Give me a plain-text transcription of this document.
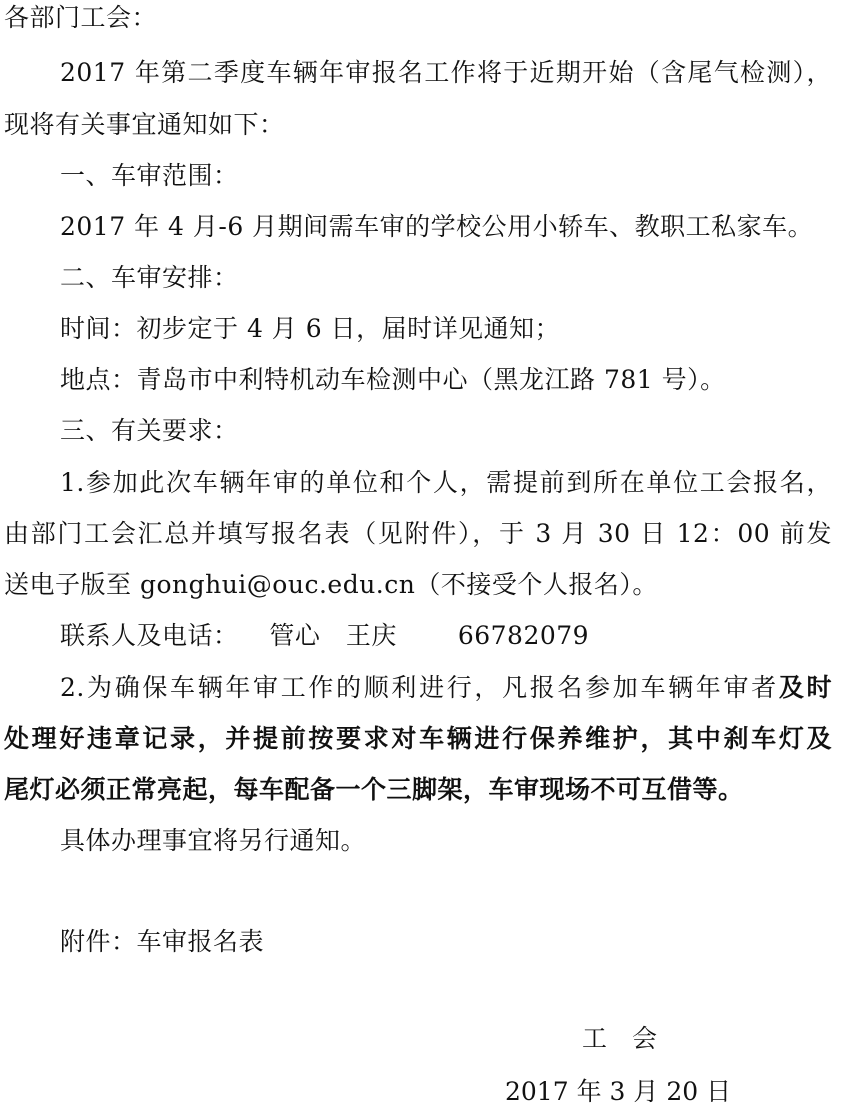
各部门工会：
2017 年第二季度车辆年审报名工作将于近期开始（含尾气检测），
现将有关事宜通知如下：
一、车审范围：
2017 年 4 月-6 月期间需车审的学校公用小轿车、教职工私家车。
二、车审安排：
时间：初步定于 4 月 6 日，届时详见通知；
地点：青岛市中利特机动车检测中心（黑龙江路 781 号）。
三、有关要求：
1.参加此次车辆年审的单位和个人，需提前到所在单位工会报名，
由部门工会汇总并填写报名表（见附件），于 3 月 30 日 12：00 前发
送电子版至 gonghui@ouc.edu.cn（不接受个人报名）。
联系人及电话： 管心　王庆 66782079
2.为确保车辆年审工作的顺利进行，凡报名参加车辆年审者及时
处理好违章记录，并提前按要求对车辆进行保养维护，其中刹车灯及
尾灯必须正常亮起，每车配备一个三脚架，车审现场不可互借等。
具体办理事宜将另行通知。
附件：车审报名表
工　会
2017 年 3 月 20 日
